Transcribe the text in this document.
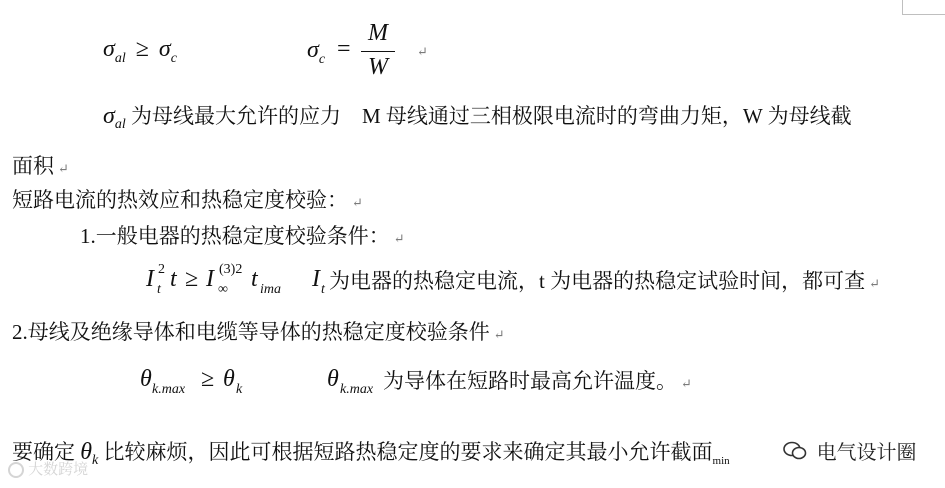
$\sigma_{al} \ge \sigma_c$	$\sigma_c$ =
M
W
↵
$\sigma_{al}$ 为母线最大允许的应力　M 母线通过三相极限电流时的弯曲力矩，W 为母线截
面积 ↵
短路电流的热效应和热稳定度校验： ↵
1.一般电器的热稳定度校验条件： ↵
I 2
t t ≥ I (3)2
∞ t ima I t 为电器的热稳定电流，t 为电器的热稳定试验时间，都可查 ↵
2.母线及绝缘导体和电缆等导体的热稳定度校验条件 ↵
θ k.max ≥ θ k	θ k.max 为导体在短路时最高允许温度。 ↵
要确定 $\theta_k$ 比较麻烦，因此可根据短路热稳定度的要求来确定其最小允许截面$_{min}$
大数跨境
电气设计圈
